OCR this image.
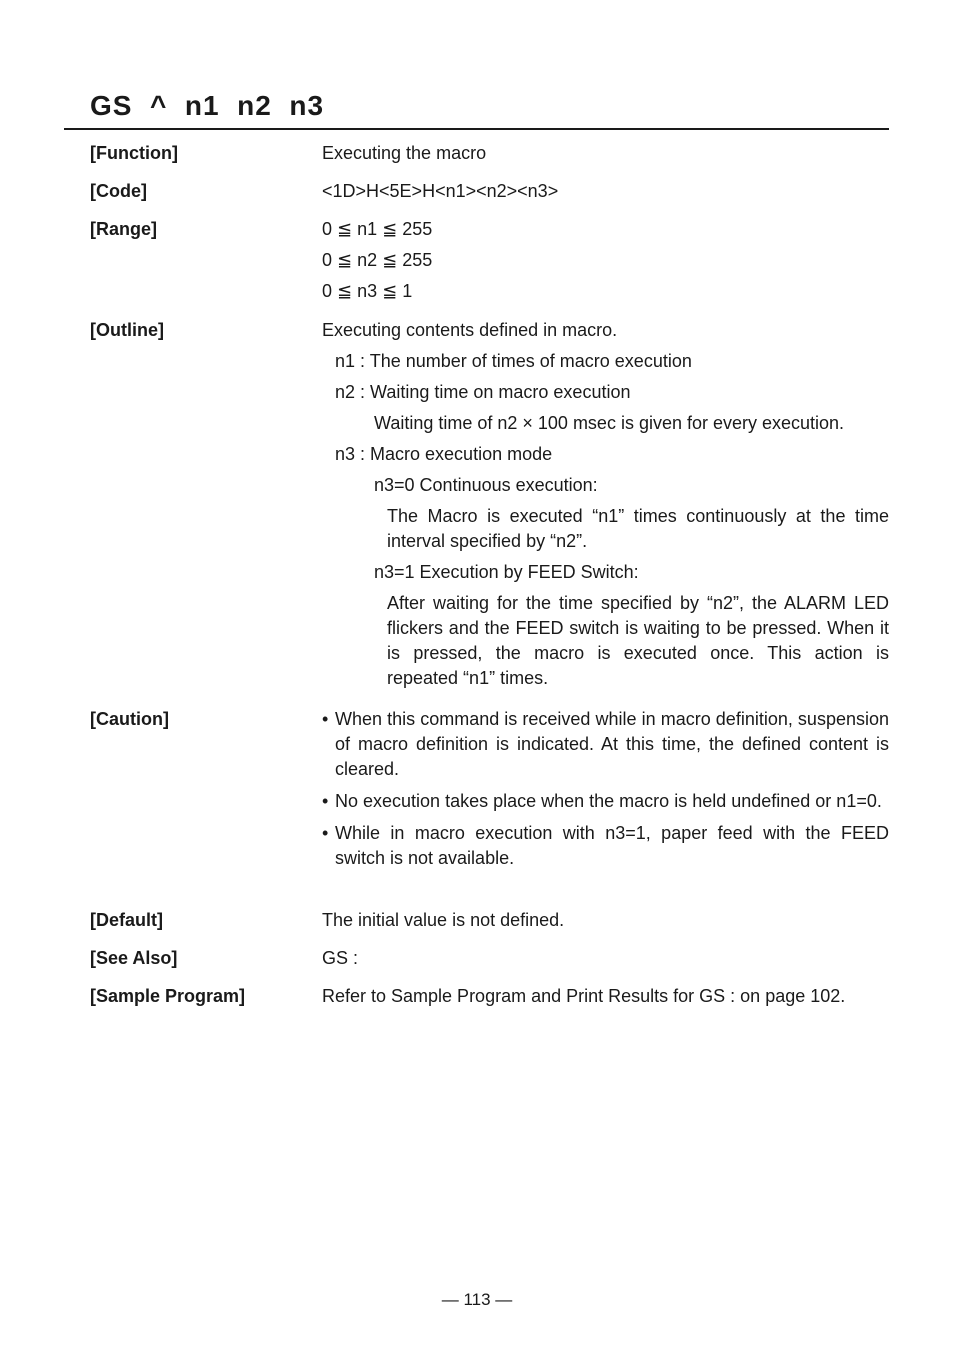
GS  ^  n1  n2  n3
[Function]	Executing the macro
[Code]	<1D>H<5E>H<n1><n2><n3>
[Range]	0 ≦ n1 ≦ 255
0 ≦ n2 ≦ 255
0 ≦ n3 ≦ 1
[Outline]	Executing contents defined in macro.
n1 : The number of times of macro execution
n2 : Waiting time on macro execution
Waiting time of n2 × 100 msec is given for every execution.
n3 : Macro execution mode
n3=0 Continuous execution:
The Macro is executed “n1” times continuously at the time interval specified by “n2”.
n3=1 Execution by FEED Switch:
After waiting for the time specified by “n2”, the ALARM LED flickers and the FEED switch is waiting to be pressed. When it is pressed, the macro is executed once. This action is repeated “n1” times.
[Caution]	• When this command is received while in macro definition, suspension of macro definition is indicated. At this time, the defined content is cleared.
• No execution takes place when the macro is held undefined or n1=0.
• While in macro execution with n3=1, paper feed with the FEED switch is not available.
[Default]	The initial value is not defined.
[See Also]	GS :
[Sample Program]	Refer to Sample Program and Print Results for GS : on page 102.
— 113 —
